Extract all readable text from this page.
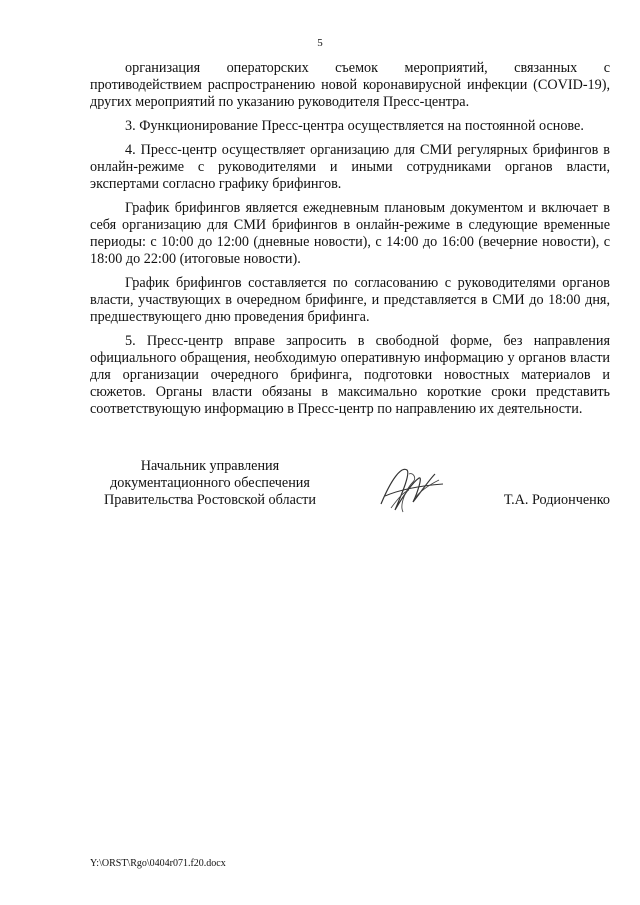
5

организация операторских съемок мероприятий, связанных с противодействием распространению новой коронавирусной инфекции (COVID-19), других мероприятий по указанию руководителя Пресс-центра.

3. Функционирование Пресс-центра осуществляется на постоянной основе.

4. Пресс-центр осуществляет организацию для СМИ регулярных брифингов в онлайн-режиме с руководителями и иными сотрудниками органов власти, экспертами согласно графику брифингов.

График брифингов является ежедневным плановым документом и включает в себя организацию для СМИ брифингов в онлайн-режиме в следующие временные периоды: с 10:00 до 12:00 (дневные новости), с 14:00 до 16:00 (вечерние новости), с 18:00 до 22:00 (итоговые новости).

График брифингов составляется по согласованию с руководителями органов власти, участвующих в очередном брифинге, и представляется в СМИ до 18:00 дня, предшествующего дню проведения брифинга.

5. Пресс-центр вправе запросить в свободной форме, без направления официального обращения, необходимую оперативную информацию у органов власти для организации очередного брифинга, подготовки новостных материалов и сюжетов. Органы власти обязаны в максимально короткие сроки представить соответствующую информацию в Пресс-центр по направлению их деятельности.

Начальник управления
документационного обеспечения
Правительства Ростовской области	Т.А. Родионченко
Y:\ORST\Rgo\0404r071.f20.docx
